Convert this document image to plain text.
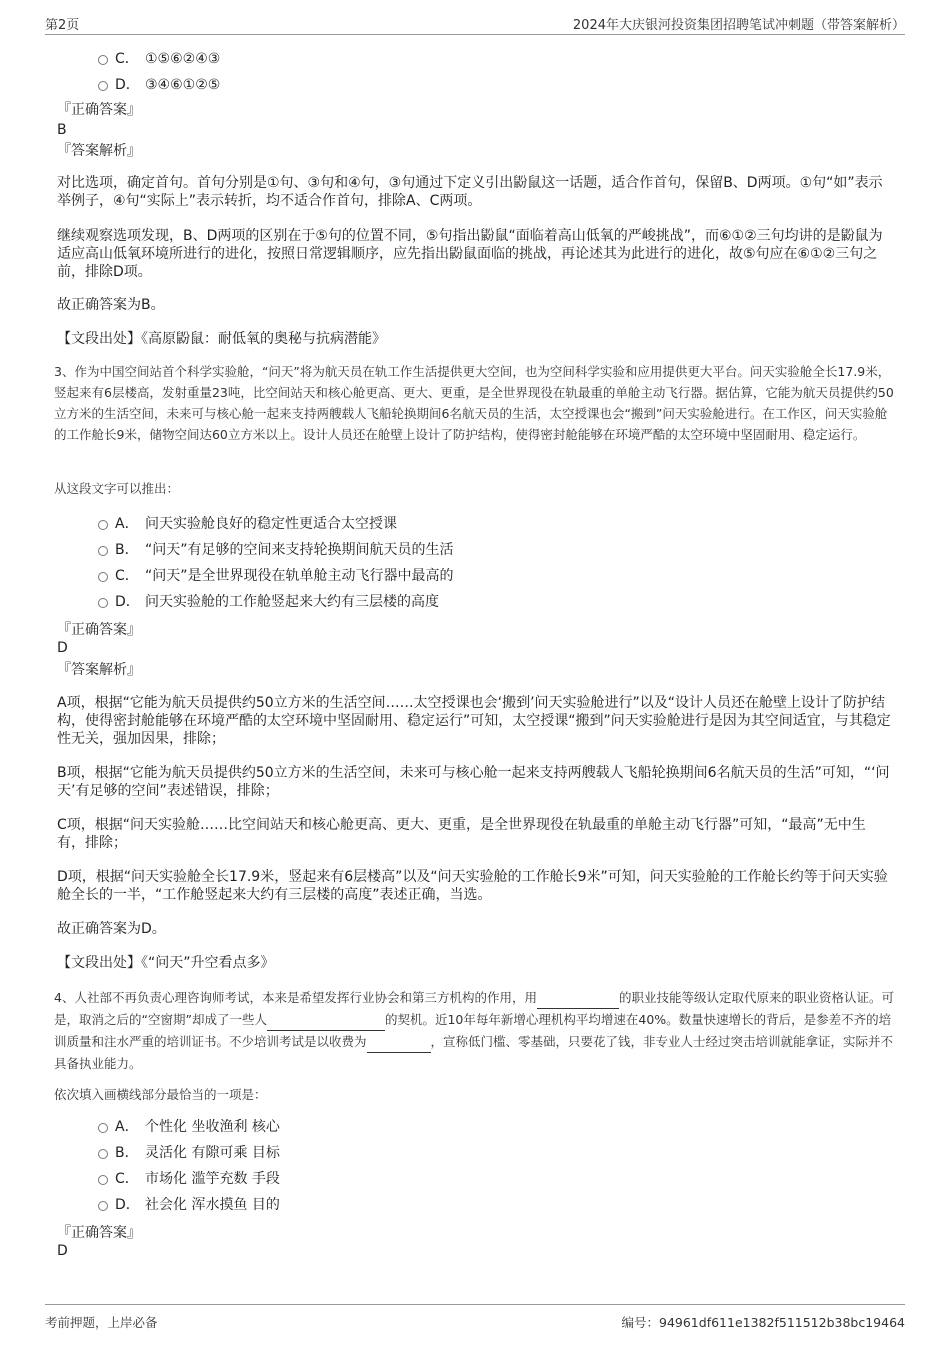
第2页	2024年大庆银河投资集团招聘笔试冲刺题（带答案解析）
C． ①⑤⑥②④③
D． ③④⑥①②⑤
『正确答案』
B
『答案解析』

对比选项，确定首句。首句分别是①句、③句和④句，③句通过下定义引出鼢鼠这一话题，适合作首句，保留B、D两项。①句“如”表示举例子，④句“实际上”表示转折，均不适合作首句，排除A、C两项。

继续观察选项发现，B、D两项的区别在于⑤句的位置不同，⑤句指出鼢鼠“面临着高山低氧的严峻挑战”，而⑥①②三句均讲的是鼢鼠为适应高山低氧环境所进行的进化，按照日常逻辑顺序，应先指出鼢鼠面临的挑战，再论述其为此进行的进化，故⑤句应在⑥①②三句之前，排除D项。

故正确答案为B。

【文段出处】《高原鼢鼠：耐低氧的奥秘与抗病潜能》

3、作为中国空间站首个科学实验舱，“问天”将为航天员在轨工作生活提供更大空间，也为空间科学实验和应用提供更大平台。问天实验舱全长17.9米，竖起来有6层楼高，发射重量23吨，比空间站天和核心舱更高、更大、更重，是全世界现役在轨最重的单舱主动飞行器。据估算，它能为航天员提供约50立方米的生活空间，未来可与核心舱一起来支持两艘载人飞船轮换期间6名航天员的生活，太空授课也会“搬到”问天实验舱进行。在工作区，问天实验舱的工作舱长9米，储物空间达60立方米以上。设计人员还在舱壁上设计了防护结构，使得密封舱能够在环境严酷的太空环境中坚固耐用、稳定运行。

从这段文字可以推出：

A． 问天实验舱良好的稳定性更适合太空授课
B． “问天”有足够的空间来支持轮换期间航天员的生活
C． “问天”是全世界现役在轨单舱主动飞行器中最高的
D． 问天实验舱的工作舱竖起来大约有三层楼的高度
『正确答案』
D
『答案解析』

A项，根据“它能为航天员提供约50立方米的生活空间……太空授课也会‘搬到’问天实验舱进行”以及“设计人员还在舱壁上设计了防护结构，使得密封舱能够在环境严酷的太空环境中坚固耐用、稳定运行”可知，太空授课“搬到”问天实验舱进行是因为其空间适宜，与其稳定性无关，强加因果，排除；

B项，根据“它能为航天员提供约50立方米的生活空间，未来可与核心舱一起来支持两艘载人飞船轮换期间6名航天员的生活”可知，“‘问天’有足够的空间”表述错误，排除；

C项，根据“问天实验舱……比空间站天和核心舱更高、更大、更重，是全世界现役在轨最重的单舱主动飞行器”可知，“最高”无中生有，排除；

D项，根据“问天实验舱全长17.9米，竖起来有6层楼高”以及“问天实验舱的工作舱长9米”可知，问天实验舱的工作舱长约等于问天实验舱全长的一半，“工作舱竖起来大约有三层楼的高度”表述正确，当选。

故正确答案为D。

【文段出处】《“问天”升空看点多》

4、人社部不再负责心理咨询师考试，本来是希望发挥行业协会和第三方机构的作用，用	的职业技能等级认定取代原来的职业资格认证。可是，取消之后的“空窗期”却成了一些人	的契机。近10年每年新增心理机构平均增速在40%。数量快速增长的背后，是参差不齐的培训质量和注水严重的培训证书。不少培训考试是以收费为	，宣称低门槛、零基础，只要花了钱，非专业人士经过突击培训就能拿证，实际并不具备执业能力。

依次填入画横线部分最恰当的一项是：

A． 个性化 坐收渔利 核心
B． 灵活化 有隙可乘 目标
C． 市场化 滥竽充数 手段
D． 社会化 浑水摸鱼 目的
『正确答案』
D
考前押题，上岸必备	编号：94961df611e1382f511512b38bc19464
